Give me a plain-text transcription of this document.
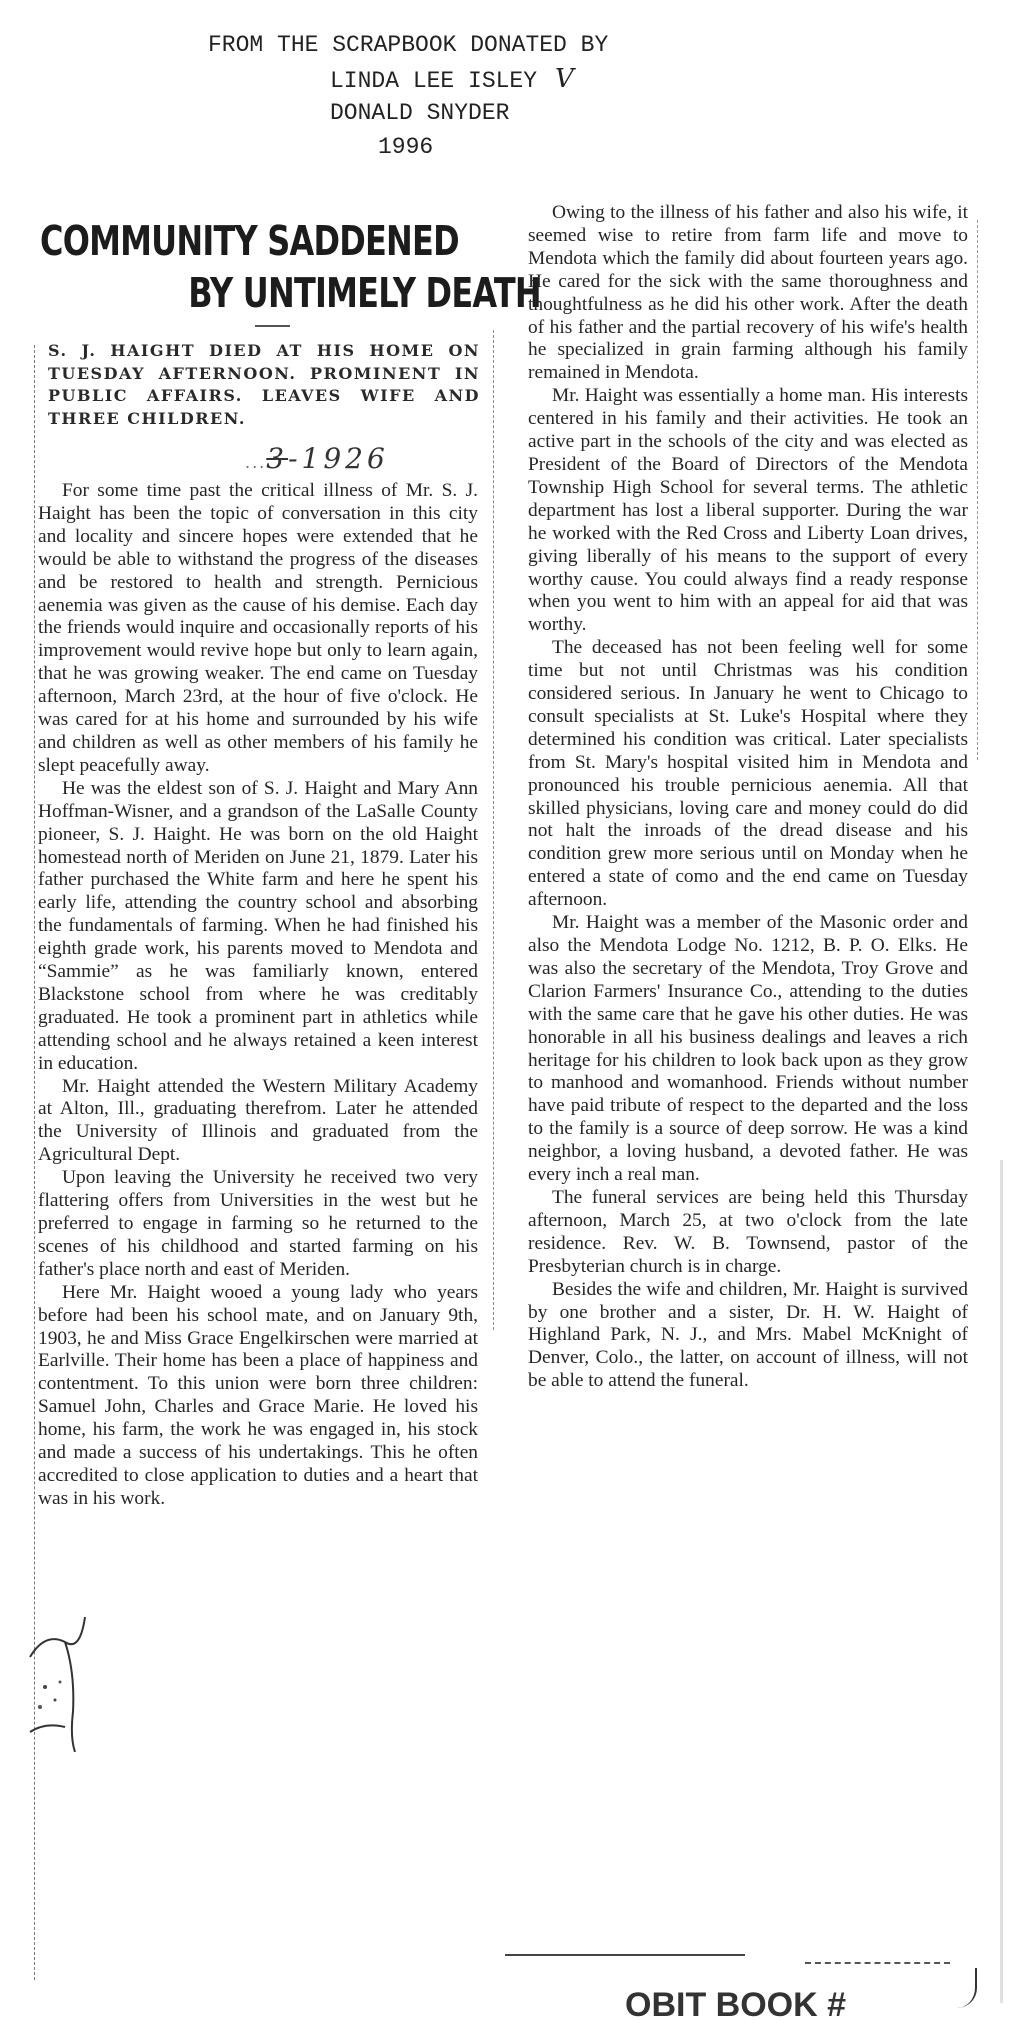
FROM THE SCRAPBOOK DONATED BY
LINDA LEE ISLEY V
DONALD SNYDER
1996
COMMUNITY SADDENED
BY UNTIMELY DEATH
S. J. HAIGHT DIED AT HIS HOME ON TUESDAY AFTERNOON. PROMINENT IN PUBLIC AFFAIRS. LEAVES WIFE AND THREE CHILDREN.
...3-1926

For some time past the critical illness of Mr. S. J. Haight has been the topic of conversation in this city and locality and sincere hopes were extended that he would be able to withstand the progress of the diseases and be restored to health and strength. Pernicious aenemia was given as the cause of his demise. Each day the friends would inquire and occasionally reports of his improvement would revive hope but only to learn again, that he was growing weaker. The end came on Tuesday afternoon, March 23rd, at the hour of five o'clock. He was cared for at his home and surrounded by his wife and children as well as other members of his family he slept peacefully away.

He was the eldest son of S. J. Haight and Mary Ann Hoffman-Wisner, and a grandson of the LaSalle County pioneer, S. J. Haight. He was born on the old Haight homestead north of Meriden on June 21, 1879. Later his father purchased the White farm and here he spent his early life, attending the country school and absorbing the fundamentals of farming. When he had finished his eighth grade work, his parents moved to Mendota and “Sammie” as he was familiarly known, entered Blackstone school from where he was creditably graduated. He took a prominent part in athletics while attending school and he always retained a keen interest in education.

Mr. Haight attended the Western Military Academy at Alton, Ill., graduating therefrom. Later he attended the University of Illinois and graduated from the Agricultural Dept.

Upon leaving the University he received two very flattering offers from Universities in the west but he preferred to engage in farming so he returned to the scenes of his childhood and started farming on his father's place north and east of Meriden.

Here Mr. Haight wooed a young lady who years before had been his school mate, and on January 9th, 1903, he and Miss Grace Engelkirschen were married at Earlville. Their home has been a place of happiness and contentment. To this union were born three children: Samuel John, Charles and Grace Marie. He loved his home, his farm, the work he was engaged in, his stock and made a success of his undertakings. This he often accredited to close application to duties and a heart that was in his work.

Owing to the illness of his father and also his wife, it seemed wise to retire from farm life and move to Mendota which the family did about fourteen years ago. He cared for the sick with the same thoroughness and thoughtfulness as he did his other work. After the death of his father and the partial recovery of his wife's health he specialized in grain farming although his family remained in Mendota.

Mr. Haight was essentially a home man. His interests centered in his family and their activities. He took an active part in the schools of the city and was elected as President of the Board of Directors of the Mendota Township High School for several terms. The athletic department has lost a liberal supporter. During the war he worked with the Red Cross and Liberty Loan drives, giving liberally of his means to the support of every worthy cause. You could always find a ready response when you went to him with an appeal for aid that was worthy.

The deceased has not been feeling well for some time but not until Christmas was his condition considered serious. In January he went to Chicago to consult specialists at St. Luke's Hospital where they determined his condition was critical. Later specialists from St. Mary's hospital visited him in Mendota and pronounced his trouble pernicious aenemia. All that skilled physicians, loving care and money could do did not halt the inroads of the dread disease and his condition grew more serious until on Monday when he entered a state of como and the end came on Tuesday afternoon.

Mr. Haight was a member of the Masonic order and also the Mendota Lodge No. 1212, B. P. O. Elks. He was also the secretary of the Mendota, Troy Grove and Clarion Farmers' Insurance Co., attending to the duties with the same care that he gave his other duties. He was honorable in all his business dealings and leaves a rich heritage for his children to look back upon as they grow to manhood and womanhood. Friends without number have paid tribute of respect to the departed and the loss to the family is a source of deep sorrow. He was a kind neighbor, a loving husband, a devoted father. He was every inch a real man.

The funeral services are being held this Thursday afternoon, March 25, at two o'clock from the late residence. Rev. W. B. Townsend, pastor of the Presbyterian church is in charge.

Besides the wife and children, Mr. Haight is survived by one brother and a sister, Dr. H. W. Haight of Highland Park, N. J., and Mrs. Mabel McKnight of Denver, Colo., the latter, on account of illness, will not be able to attend the funeral.

OBIT BOOK #
